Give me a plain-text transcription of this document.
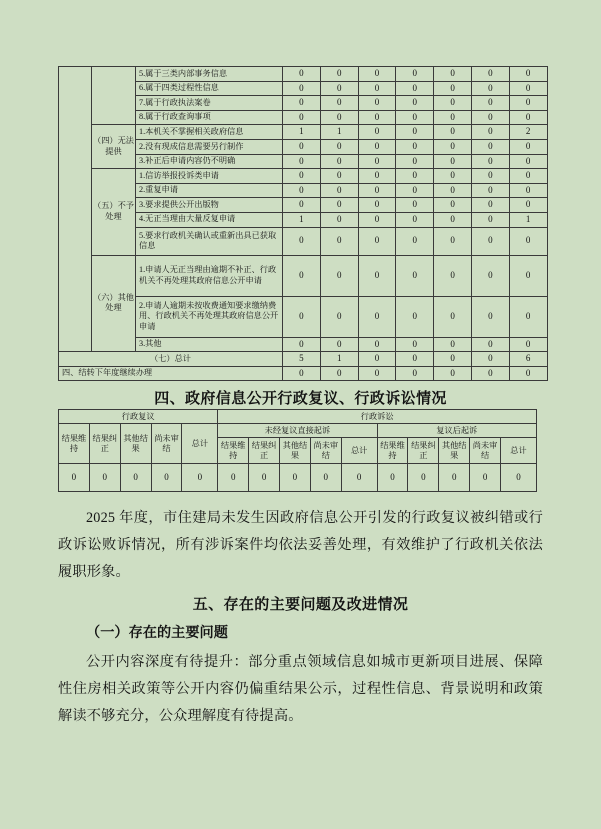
		5.属于三类内部事务信息	0	0	0	0	0	0	0
		6.属于四类过程性信息	0	0	0	0	0	0	0
		7.属于行政执法案卷	0	0	0	0	0	0	0
		8.属于行政查询事项	0	0	0	0	0	0	0
	（四）无法提供	1.本机关不掌握相关政府信息	1	1	0	0	0	0	2
		2.没有现成信息需要另行制作	0	0	0	0	0	0	0
		3.补正后申请内容仍不明确	0	0	0	0	0	0	0
	（五）不予处理	1.信访举报投诉类申请	0	0	0	0	0	0	0
		2.重复申请	0	0	0	0	0	0	0
		3.要求提供公开出版物	0	0	0	0	0	0	0
		4.无正当理由大量反复申请	1	0	0	0	0	0	1
		5.要求行政机关确认或重新出具已获取信息	0	0	0	0	0	0	0
	（六）其他处理	1.申请人无正当理由逾期不补正、行政机关不再处理其政府信息公开申请	0	0	0	0	0	0	0
		2.申请人逾期未按收费通知要求缴纳费用、行政机关不再处理其政府信息公开申请	0	0	0	0	0	0	0
		3.其他	0	0	0	0	0	0	0
（七）总计			5	1	0	0	0	0	6
四、结转下年度继续办理			0	0	0	0	0	0	0
四、政府信息公开行政复议、行政诉讼情况
行政复议					行政诉讼									
结果维持	结果纠正	其他结果	尚未审结	总计	未经复议直接起诉					复议后起诉				
					结果维持	结果纠正	其他结果	尚未审结	总计	结果维持	结果纠正	其他结果	尚未审结	总计
0	0	0	0	0	0	0	0	0	0	0	0	0	0	0
2025 年度，市住建局未发生因政府信息公开引发的行政复议被纠错或行政诉讼败诉情况，所有涉诉案件均依法妥善处理，有效维护了行政机关依法履职形象。
五、存在的主要问题及改进情况
（一）存在的主要问题
公开内容深度有待提升：部分重点领域信息如城市更新项目进展、保障性住房相关政策等公开内容仍偏重结果公示，过程性信息、背景说明和政策解读不够充分，公众理解度有待提高。
